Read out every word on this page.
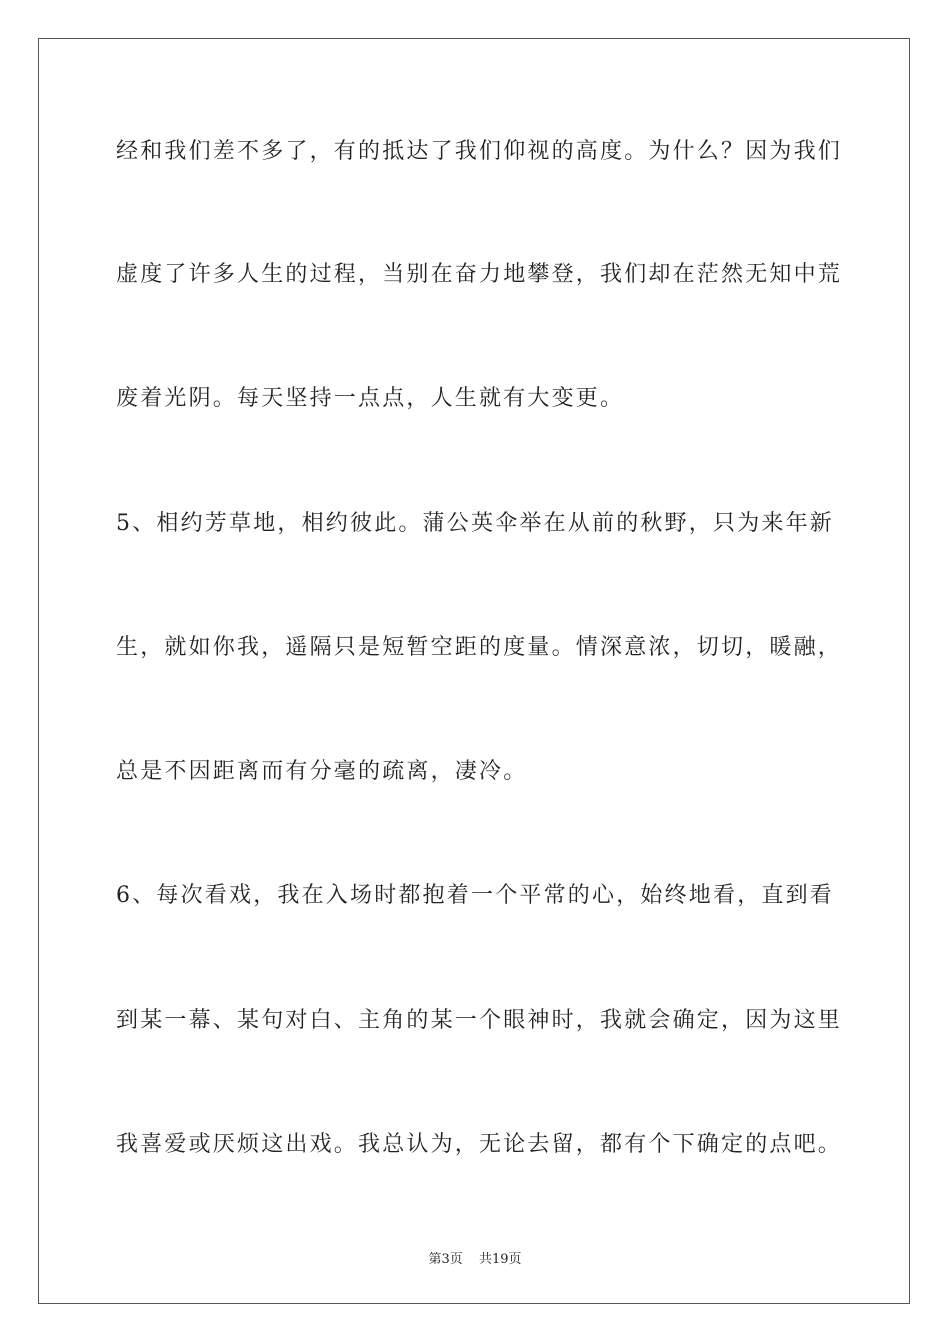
经和我们差不多了，有的抵达了我们仰视的高度。为什么？因为我们
虚度了许多人生的过程，当别在奋力地攀登，我们却在茫然无知中荒
废着光阴。每天坚持一点点，人生就有大变更。
5、相约芳草地，相约彼此。蒲公英伞举在从前的秋野，只为来年新
生，就如你我，遥隔只是短暂空距的度量。情深意浓，切切，暖融，
总是不因距离而有分毫的疏离，凄冷。
6、每次看戏，我在入场时都抱着一个平常的心，始终地看，直到看
到某一幕、某句对白、主角的某一个眼神时，我就会确定，因为这里
我喜爱或厌烦这出戏。我总认为，无论去留，都有个下确定的点吧。
第3页 共19页
